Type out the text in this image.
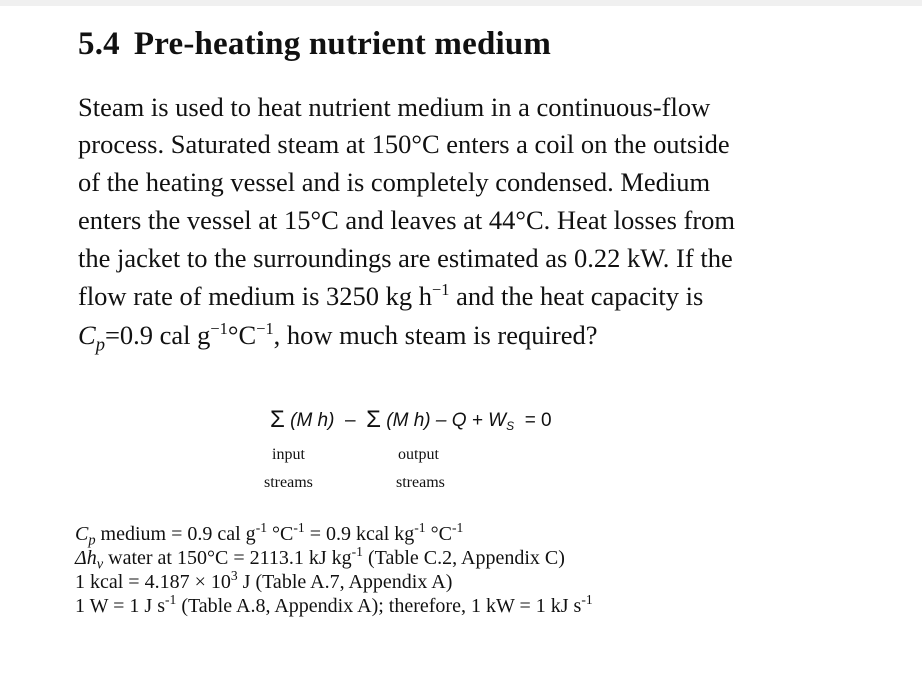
5.4 Pre-heating nutrient medium
Steam is used to heat nutrient medium in a continuous-flow
process. Saturated steam at 150°C enters a coil on the outside
of the heating vessel and is completely condensed. Medium
enters the vessel at 15°C and leaves at 44°C. Heat losses from
the jacket to the surroundings are estimated as 0.22 kW. If the
flow rate of medium is 3250 kg $h^{-1}$ and the heat capacity is
$C_p=0.9$ cal $g^{-1}^\circ C^{-1}$, how much steam is required?
Σ (M h) – Σ (M $h) - Q + W_S = 0$
input
streams
output
streams
$C_p$ medium = 0.9 cal $g^{-1}$ $^\circ C^{-1} = 0.9$ kcal $kg^{-1}$ $^\circ C^{-1}$
$\Delta h_v$ water at 150°C = 2113.1 kJ $kg^{-1}$ (Table C.2, Appendix C)
1 kcal = $4.187 \times 10^3$ J (Table A.7, Appendix A)
1 W = 1 J $s^{-1}$ (Table A.8, Appendix A); therefore, 1 kW = 1 kJ $s^{-1}$
